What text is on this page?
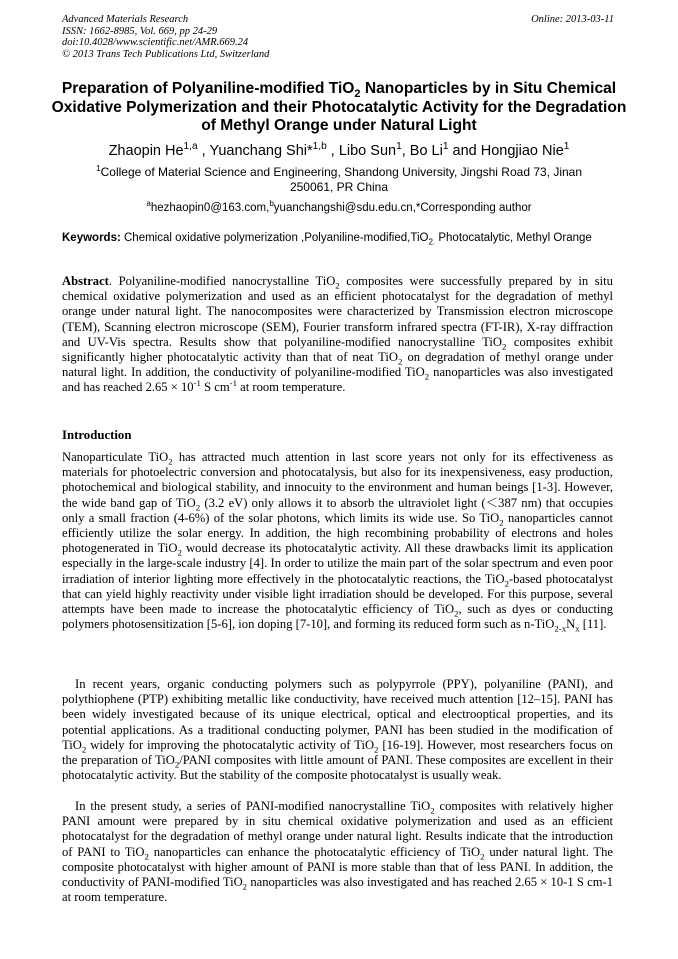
Advanced Materials Research
ISSN: 1662-8985, Vol. 669, pp 24-29
doi:10.4028/www.scientific.net/AMR.669.24
© 2013 Trans Tech Publications Ltd, Switzerland
Online: 2013-03-11
Preparation of Polyaniline-modified TiO$_2$ Nanoparticles by in Situ Chemical Oxidative Polymerization and their Photocatalytic Activity for the Degradation of Methyl Orange under Natural Light
Zhaopin He$^{1,a}$ , Yuanchang Shi*$^{1,b}$ , Libo Sun$^1$, Bo Li$^1$ and Hongjiao Nie$^1$
$^1$College of Material Science and Engineering, Shandong University, Jingshi Road 73, Jinan 250061, PR China
$^a$hezhaopin0@163.com,$^b$yuanchangshi@sdu.edu.cn,*Corresponding author
Keywords: Chemical oxidative polymerization ,Polyaniline-modified,TiO$_{2.}$ Photocatalytic, Methyl Orange
Abstract. Polyaniline-modified nanocrystalline TiO$_2$ composites were successfully prepared by in situ chemical oxidative polymerization and used as an efficient photocatalyst for the degradation of methyl orange under natural light. The nanocomposites were characterized by Transmission electron microscope (TEM), Scanning electron microscope (SEM), Fourier transform infrared spectra (FT-IR), X-ray diffraction and UV-Vis spectra. Results show that polyaniline-modified nanocrystalline TiO$_2$ composites exhibit significantly higher photocatalytic activity than that of neat TiO$_2$ on degradation of methyl orange under natural light. In addition, the conductivity of polyaniline-modified TiO$_2$ nanoparticles was also investigated and has reached $2.65 \times 10^{-1}$ S $cm^{-1}$ at room temperature.
Introduction
Nanoparticulate TiO$_2$ has attracted much attention in last score years not only for its effectiveness as materials for photoelectric conversion and photocatalysis, but also for its inexpensiveness, easy production, photochemical and biological stability, and innocuity to the environment and human beings [1-3]. However, the wide band gap of TiO$_2$ (3.2 eV) only allows it to absorb the ultraviolet light (＜387 nm) that occupies only a small fraction (4-6%) of the solar photons, which limits its wide use. So TiO$_2$ nanoparticles cannot efficiently utilize the solar energy. In addition, the high recombining probability of electrons and holes photogenerated in TiO$_2$ would decrease its photocatalytic activity. All these drawbacks limit its application especially in the large-scale industry [4]. In order to utilize the main part of the solar spectrum and even poor irradiation of interior lighting more effectively in the photocatalytic reactions, the TiO$_2$-based photocatalyst that can yield highly reactivity under visible light irradiation should be developed. For this purpose, several attempts have been made to increase the photocatalytic efficiency of TiO$_2$, such as dyes or conducting polymers photosensitization [5-6], ion doping [7-10], and forming its reduced form such as $n-TiO_{2-x}N_x$ [11].
In recent years, organic conducting polymers such as polypyrrole (PPY), polyaniline (PANI), and polythiophene (PTP) exhibiting metallic like conductivity, have received much attention [12–15]. PANI has been widely investigated because of its unique electrical, optical and electrooptical properties, and its potential applications. As a traditional conducting polymer, PANI has been studied in the modification of TiO$_2$ widely for improving the photocatalytic activity of TiO$_2$ [16-19]. However, most researchers focus on the preparation of TiO$_2$/PANI composites with little amount of PANI. These composites are excellent in their photocatalytic activity. But the stability of the composite photocatalyst is usually weak.
In the present study, a series of PANI-modified nanocrystalline TiO$_2$ composites with relatively higher PANI amount were prepared by in situ chemical oxidative polymerization and used as an efficient photocatalyst for the degradation of methyl orange under natural light. Results indicate that the introduction of PANI to TiO$_2$ nanoparticles can enhance the photocatalytic efficiency of TiO$_2$ under natural light. The composite photocatalyst with higher amount of PANI is more stable than that of less PANI. In addition, the conductivity of PANI-modified TiO$_2$ nanoparticles was also investigated and has reached 2.65 × 10-1 S cm-1 at room temperature.
